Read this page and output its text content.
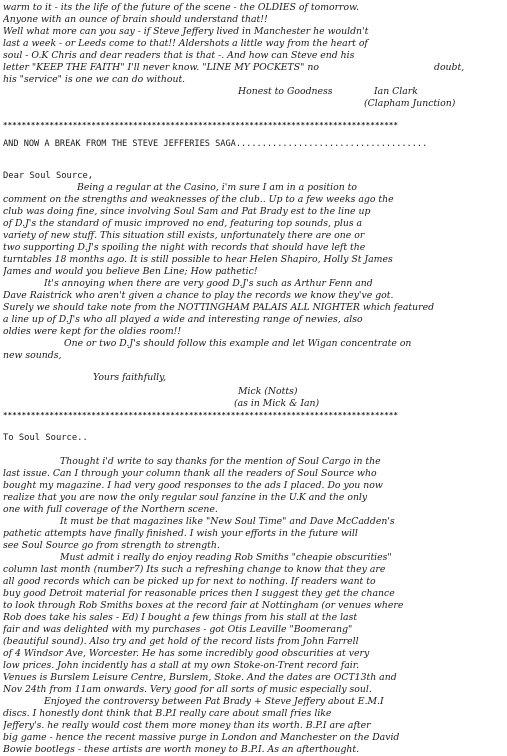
warm to it - its the life of the future of the scene - the OLDIES of tomorrow.
Anyone with an ounce of brain should understand that!!
Well what more can you say - if Steve Jeffery lived in Manchester he wouldn't
last a week - or Leeds come to that!! Aldershots a little way from the heart of
soul - O.K Chris and dear readers that is that -. And how can Steve end his
letter "KEEP THE FAITH" I'll never know. "LINE MY POCKETS" no	doubt,
his "service" is one we can do without.
Honest to Goodness	Ian Clark
(Clapham Junction)
*************************************************************************************
AND NOW A BREAK FROM THE STEVE JEFFERIES SAGA.....................................
Dear Soul Source,
Being a regular at the Casino, i'm sure I am in a position to
comment on the strengths and weaknesses of the club.. Up to a few weeks ago the
club was doing fine, since involving Soul Sam and Pat Brady est to the line up
of D.J's the standard of music improved no end, featuring top sounds, plus a
variety of new stuff. This situation still exists, unfortunately there are one or
two supporting D.J's spoiling the night with records that should have left the
turntables 18 months ago. It is still possible to hear Helen Shapiro, Holly St James
James and would you believe Ben Line; How pathetic!
It's annoying when there are very good D.J's such as Arthur Fenn and
Dave Raistrick who aren't given a chance to play the records we know they've got.
Surely we should take note from the NOTTINGHAM PALAIS ALL NIGHTER which featured
a line up of D.J's who all played a wide and interesting range of newies, also
oldies were kept for the oldies room!!
One or two D.J's should follow this example and let Wigan concentrate on
new sounds,
Yours faithfully,
Mick (Notts)
(as in Mick & Ian)
*************************************************************************************
To Soul Source..
Thought i'd write to say thanks for the mention of Soul Cargo in the
last issue. Can I through your column thank all the readers of Soul Source who
bought my magazine. I had very good responses to the ads I placed. Do you now
realize that you are now the only regular soul fanzine in the U.K and the only
one with full coverage of the Northern scene.
It must be that magazines like "New Soul Time" and Dave McCadden's
pathetic attempts have finally finished. I wish your efforts in the future will
see Soul Source go from strength to strength.
Must admit i really do enjoy reading Rob Smiths "cheapie obscurities"
column last month (number7) Its such a refreshing change to know that they are
all good records which can be picked up for next to nothing. If readers want to
buy good Detroit material for reasonable prices then I suggest they get the chance
to look through Rob Smiths boxes at the record fair at Nottingham (or venues where
Rob does take his sales - Ed) I bought a few things from his stall at the last
fair and was delighted with my purchases - got Otis Leaville "Boomerang"
(beautiful sound). Also try and get hold of the record lists from John Farrell
of 4 Windsor Ave, Worcester. He has some incredibly good obscurities at very
low prices. John incidently has a stall at my own Stoke-on-Trent record fair.
Venues is Burslem Leisure Centre, Burslem, Stoke. And the dates are OCT13th and
Nov 24th from 11am onwards. Very good for all sorts of music especially soul.
Enjoyed the controversy between Pat Brady + Steve Jeffery about E.M.I
discs. I honestly dont think that B.P.I really care about small fries like
Jeffery's. he really would cost them more money than its worth. B.P.I are after
big game - hence the recent massive purge in London and Manchester on the David
Bowie bootlegs - these artists are worth money to B.P.I. As an afterthought.
